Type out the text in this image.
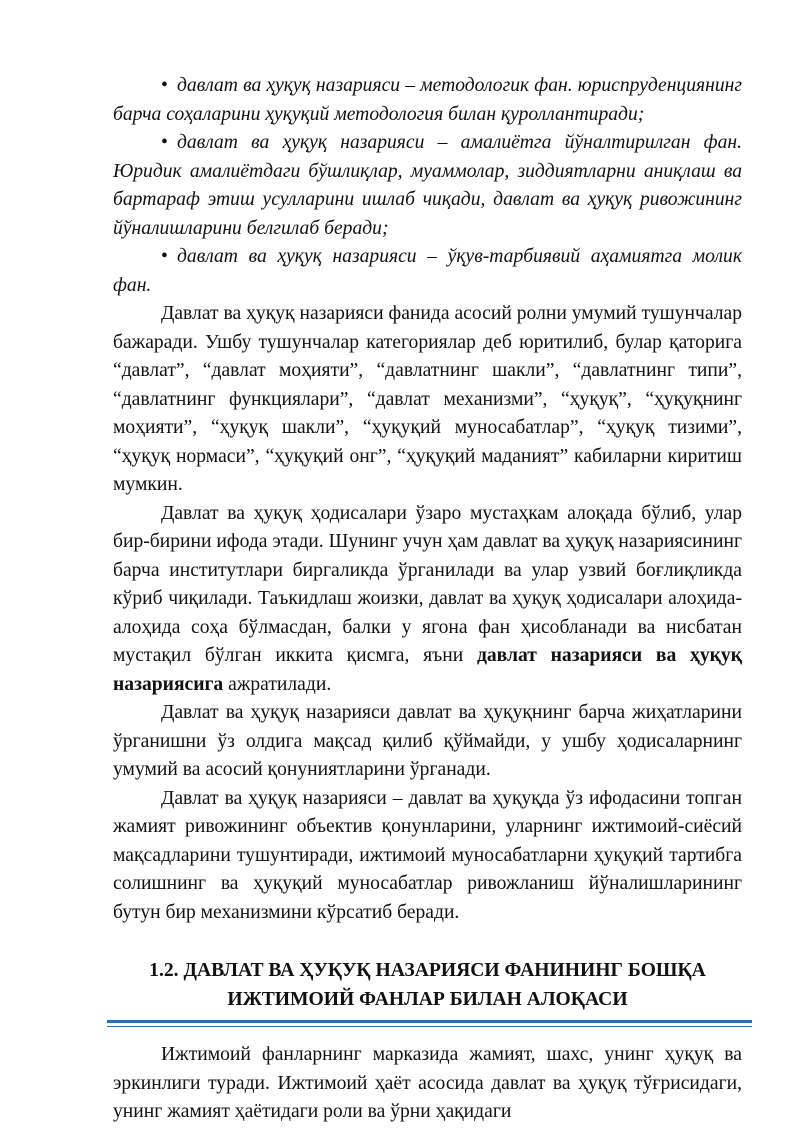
• давлат ва ҳуқуқ назарияси – методологик фан. юриспруденциянинг барча соҳаларини ҳуқуқий методология билан қуроллантиради;

• давлат ва ҳуқуқ назарияси – амалиётга йўналтирилган фан. Юридик амалиётдаги бўшлиқлар, муаммолар, зиддиятларни аниқлаш ва бартараф этиш усулларини ишлаб чиқади, давлат ва ҳуқуқ ривожининг йўналишларини белгилаб беради;

• давлат ва ҳуқуқ назарияси – ўқув-тарбиявий аҳамиятга молик фан.

Давлат ва ҳуқуқ назарияси фанида асосий ролни умумий тушунчалар бажаради. Ушбу тушунчалар категориялар деб юритилиб, булар қаторига “давлат”, “давлат моҳияти”, “давлатнинг шакли”, “давлатнинг типи”, “давлатнинг функциялари”, “давлат механизми”, “ҳуқуқ”, “ҳуқуқнинг моҳияти”, “ҳуқуқ шакли”, “ҳуқуқий муносабатлар”, “ҳуқуқ тизими”, “ҳуқуқ нормаси”, “ҳуқуқий онг”, “ҳуқуқий маданият” кабиларни киритиш мумкин.

Давлат ва ҳуқуқ ҳодисалари ўзаро мустаҳкам алоқада бўлиб, улар бир-бирини ифода этади. Шунинг учун ҳам давлат ва ҳуқуқ назариясининг барча институтлари биргаликда ўрганилади ва улар узвий боғлиқликда кўриб чиқилади. Таъкидлаш жоизки, давлат ва ҳуқуқ ҳодисалари алоҳида-алоҳида соҳа бўлмасдан, балки у ягона фан ҳисобланади ва нисбатан мустақил бўлган иккита қисмга, яъни давлат назарияси ва ҳуқуқ назариясига ажратилади.

Давлат ва ҳуқуқ назарияси давлат ва ҳуқуқнинг барча жиҳатларини ўрганишни ўз олдига мақсад қилиб қўймайди, у ушбу ҳодисаларнинг умумий ва асосий қонуниятларини ўрганади.

Давлат ва ҳуқуқ назарияси – давлат ва ҳуқуқда ўз ифодасини топган жамият ривожининг объектив қонунларини, уларнинг ижтимоий-сиёсий мақсадларини тушунтиради, ижтимоий муносабатларни ҳуқуқий тартибга солишнинг ва ҳуқуқий муносабатлар ривожланиш йўналишларининг бутун бир механизмини кўрсатиб беради.

1.2. ДАВЛАТ ВА ҲУҚУҚ НАЗАРИЯСИ ФАНИНИНГ БОШҚА ИЖТИМОИЙ ФАНЛАР БИЛАН АЛОҚАСИ

Ижтимоий фанларнинг марказида жамият, шахс, унинг ҳуқуқ ва эркинлиги туради. Ижтимоий ҳаёт асосида давлат ва ҳуқуқ тўғрисидаги, унинг жамият ҳаётидаги роли ва ўрни ҳақидаги
